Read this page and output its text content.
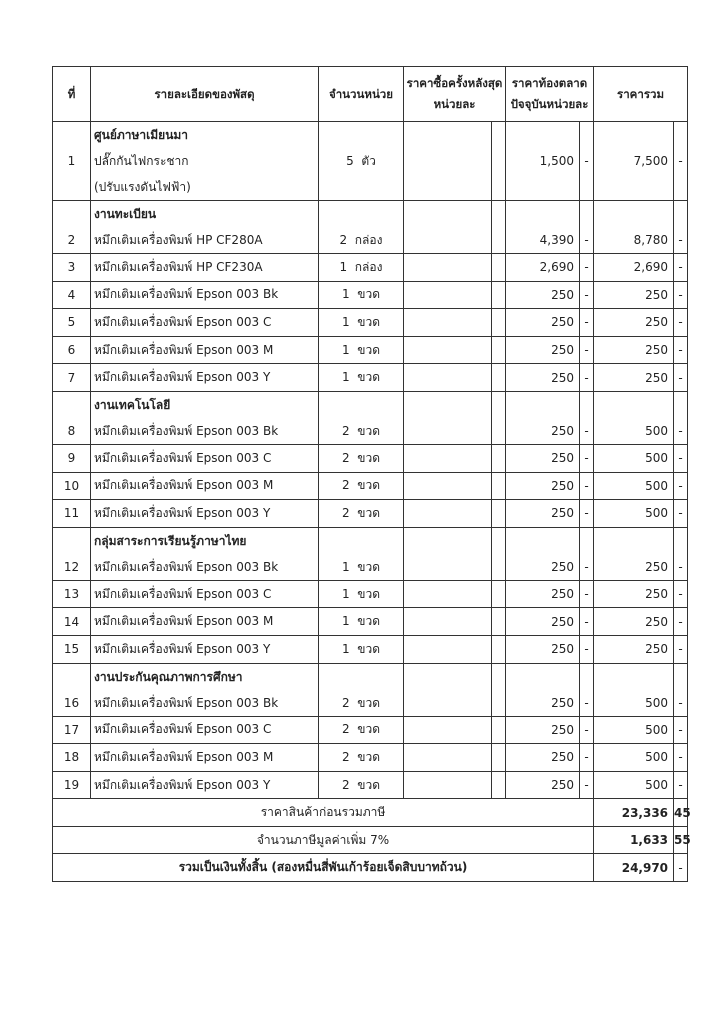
ที่	รายละเอียดของพัสดุ	จำนวนหน่วย	ราคาซื้อครั้งหลังสุดหน่วยละ		ราคาท้องตลาดปัจจุบันหน่วยละ		ราคารวม	

1	ศูนย์ภาษาเมียนมา
ปลั๊กกันไฟกระชาก
(ปรับแรงดันไฟฟ้า)	5 ตัว			1,500	-	7,500	-

2	งานทะเบียน
หมึกเติมเครื่องพิมพ์ HP CF280A	2  กล่อง			4,390	-	8,780	-

3	หมึกเติมเครื่องพิมพ์ HP CF230A	1  กล่อง			2,690	-	2,690	-
4	หมึกเติมเครื่องพิมพ์ Epson 003 Bk	1  ขวด			250	-	250	-
5	หมึกเติมเครื่องพิมพ์ Epson 003 C	1  ขวด			250	-	250	-
6	หมึกเติมเครื่องพิมพ์ Epson 003 M	1  ขวด			250	-	250	-
7	หมึกเติมเครื่องพิมพ์ Epson 003 Y	1  ขวด			250	-	250	-

8	งานเทคโนโลยี
หมึกเติมเครื่องพิมพ์ Epson 003 Bk	2  ขวด			250	-	500	-

9	หมึกเติมเครื่องพิมพ์ Epson 003 C	2  ขวด			250	-	500	-
10	หมึกเติมเครื่องพิมพ์ Epson 003 M	2  ขวด			250	-	500	-
11	หมึกเติมเครื่องพิมพ์ Epson 003 Y	2  ขวด			250	-	500	-

12	กลุ่มสาระการเรียนรู้ภาษาไทย
หมึกเติมเครื่องพิมพ์ Epson 003 Bk	1  ขวด			250	-	250	-

13	หมึกเติมเครื่องพิมพ์ Epson 003 C	1  ขวด			250	-	250	-
14	หมึกเติมเครื่องพิมพ์ Epson 003 M	1  ขวด			250	-	250	-
15	หมึกเติมเครื่องพิมพ์ Epson 003 Y	1  ขวด			250	-	250	-

16	งานประกันคุณภาพการศึกษา
หมึกเติมเครื่องพิมพ์ Epson 003 Bk	2  ขวด			250	-	500	-

17	หมึกเติมเครื่องพิมพ์ Epson 003 C	2  ขวด			250	-	500	-
18	หมึกเติมเครื่องพิมพ์ Epson 003 M	2  ขวด			250	-	500	-
19	หมึกเติมเครื่องพิมพ์ Epson 003 Y	2  ขวด			250	-	500	-
ราคาสินค้าก่อนรวมภาษี							23,336	45
จำนวนภาษีมูลค่าเพิ่ม 7%							1,633	55
รวมเป็นเงินทั้งสิ้น (สองหมื่นสี่พันเก้าร้อยเจ็ดสิบบาทถ้วน)							24,970	-
